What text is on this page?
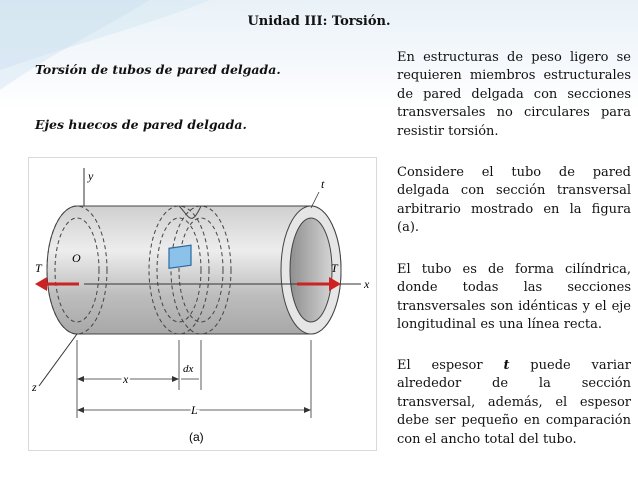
Unidad III: Torsión.
Torsión de tubos de pared delgada.
Ejes huecos de pared delgada.
En estructuras de peso ligero se requieren miembros estructurales de pared delgada con secciones transversales no circulares para resistir torsión.
Considere el tubo de pared delgada con sección transversal arbitrario mostrado en la figura (a).
El tubo es de forma cilíndrica, donde todas las secciones transversales son idénticas y el eje longitudinal es una línea recta.
El espesor t puede variar alrededor de la sección transversal, además, el espesor debe ser pequeño en comparación con el ancho total del tubo.
y
t
x
O
T	T
z
x
dx
L
(a)
